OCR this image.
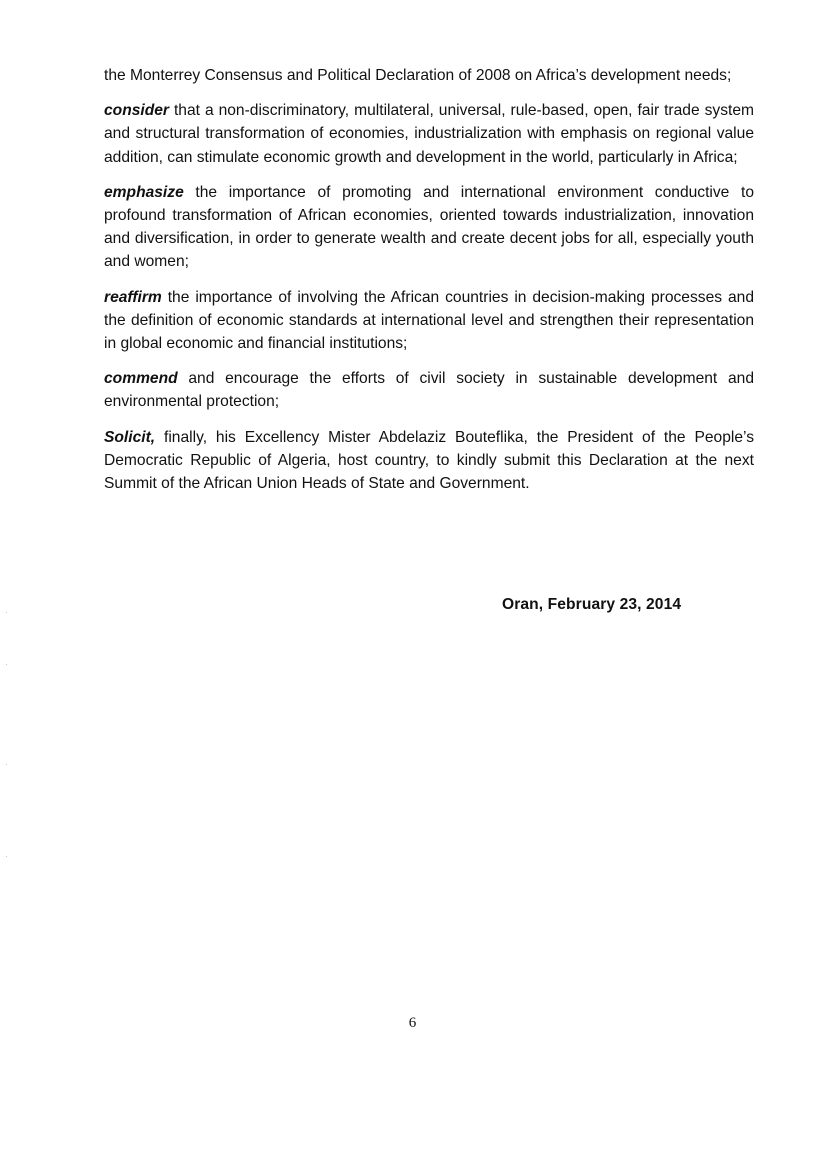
the Monterrey Consensus and Political Declaration of 2008 on Africa’s development needs;

consider that a non-discriminatory, multilateral, universal, rule-based, open, fair trade system and structural transformation of economies, industrialization with emphasis on regional value addition, can stimulate economic growth and development in the world, particularly in Africa;

emphasize the importance of promoting and international environment conductive to profound transformation of African economies, oriented towards industrialization, innovation and diversification, in order to generate wealth and create decent jobs for all, especially youth and women;

reaffirm the importance of involving the African countries in decision-making processes and the definition of economic standards at international level and strengthen their representation in global economic and financial institutions;

commend and encourage the efforts of civil society in sustainable development and environmental protection;

Solicit, finally, his Excellency Mister Abdelaziz Bouteflika, the President of the People’s Democratic Republic of Algeria, host country, to kindly submit this Declaration at the next Summit of the African Union Heads of State and Government.

Oran, February 23, 2014
6
